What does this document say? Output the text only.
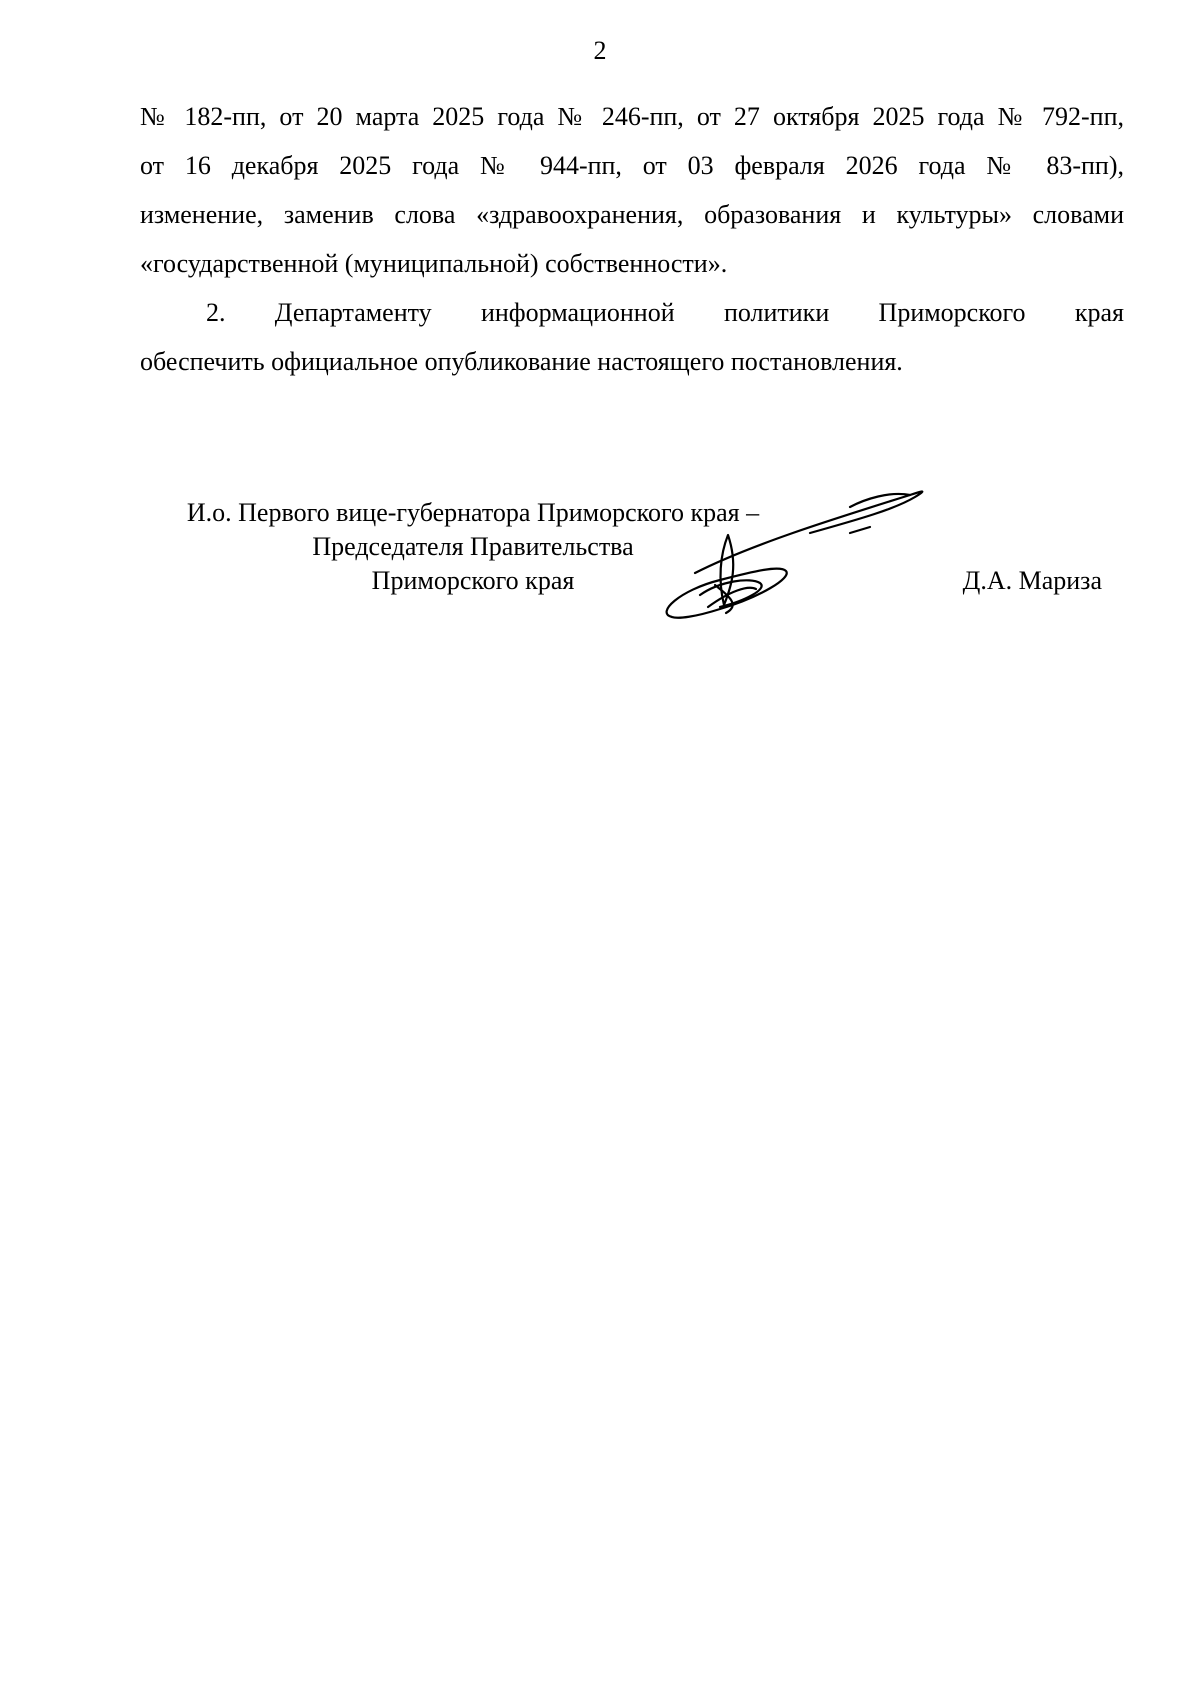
2
№ 182-пп, от 20 марта 2025 года № 246-пп, от 27 октября 2025 года № 792-пп,
от 16 декабря 2025 года № 944-пп, от 03 февраля 2026 года № 83-пп),
изменение, заменив слова «здравоохранения, образования и культуры» словами
«государственной (муниципальной) собственности».
2. Департаменту информационной политики Приморского края
обеспечить официальное опубликование настоящего постановления.
И.о. Первого вице-губернатора Приморского края –
Председателя Правительства
Приморского края	Д.А. Мариза
